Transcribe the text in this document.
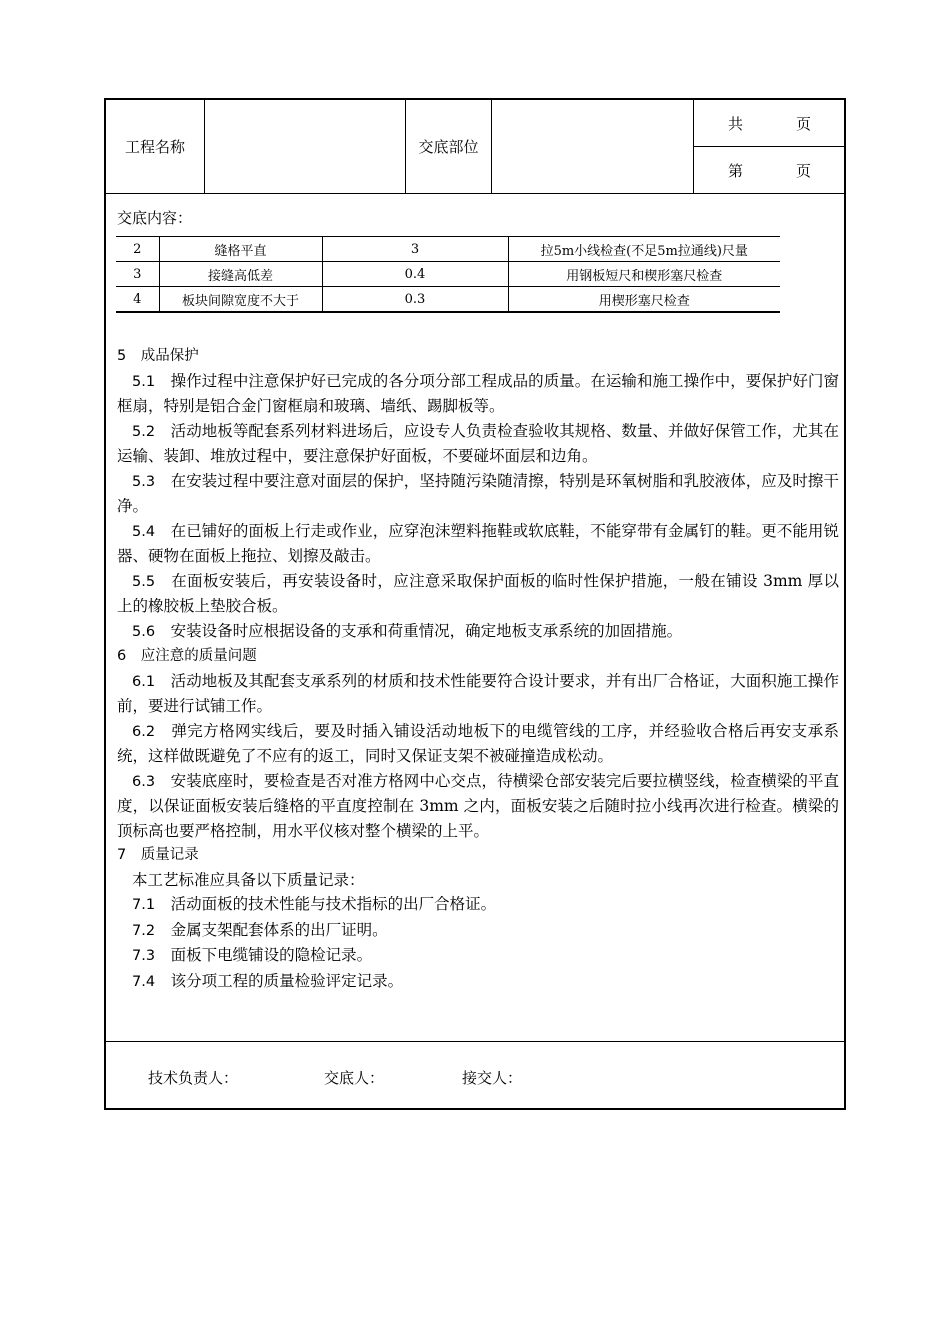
工程名称	交底部位
共	页
第	页
交底内容：
2	缝格平直	3	拉5m小线检查(不足5m拉通线)尺量
3	接缝高低差	0.4	用钢板短尺和楔形塞尺检查
4	板块间隙宽度不大于	0.3	用楔形塞尺检查

5　成品保护

5.1　 操作过程中注意保护好已完成的各分项分部工程成品的质量。在运输和施工操作中，要保护好门窗框扇，特别是铝合金门窗框扇和玻璃、墙纸、踢脚板等。

5.2　 活动地板等配套系列材料进场后，应设专人负责检查验收其规格、数量、并做好保管工作，尤其在运输、装卸、堆放过程中，要注意保护好面板，不要碰坏面层和边角。

5.3　 在安装过程中要注意对面层的保护，坚持随污染随清擦，特别是环氧树脂和乳胶液体，应及时擦干净。

5.4　 在已铺好的面板上行走或作业，应穿泡沫塑料拖鞋或软底鞋，不能穿带有金属钉的鞋。更不能用锐器、硬物在面板上拖拉、划擦及敲击。

5.5　 在面板安装后，再安装设备时，应注意采取保护面板的临时性保护措施，一般在铺设 3mm 厚以上的橡胶板上垫胶合板。

5.6　 安装设备时应根据设备的支承和荷重情况，确定地板支承系统的加固措施。

6　应注意的质量问题

6.1　 活动地板及其配套支承系列的材质和技术性能要符合设计要求，并有出厂合格证，大面积施工操作前，要进行试铺工作。

6.2　 弹完方格网实线后，要及时插入铺设活动地板下的电缆管线的工序，并经验收合格后再安支承系统，这样做既避免了不应有的返工，同时又保证支架不被碰撞造成松动。

6.3　 安装底座时，要检查是否对准方格网中心交点，待横梁仓部安装完后要拉横竖线，检查横梁的平直度，以保证面板安装后缝格的平直度控制在 3mm 之内，面板安装之后随时拉小线再次进行检查。横梁的顶标高也要严格控制，用水平仪核对整个横梁的上平。

7　质量记录

本工艺标准应具备以下质量记录：

7.1　 活动面板的技术性能与技术指标的出厂合格证。

7.2　 金属支架配套体系的出厂证明。

7.3　 面板下电缆铺设的隐检记录。

7.4　 该分项工程的质量检验评定记录。

技术负责人：	交底人：	接交人：
